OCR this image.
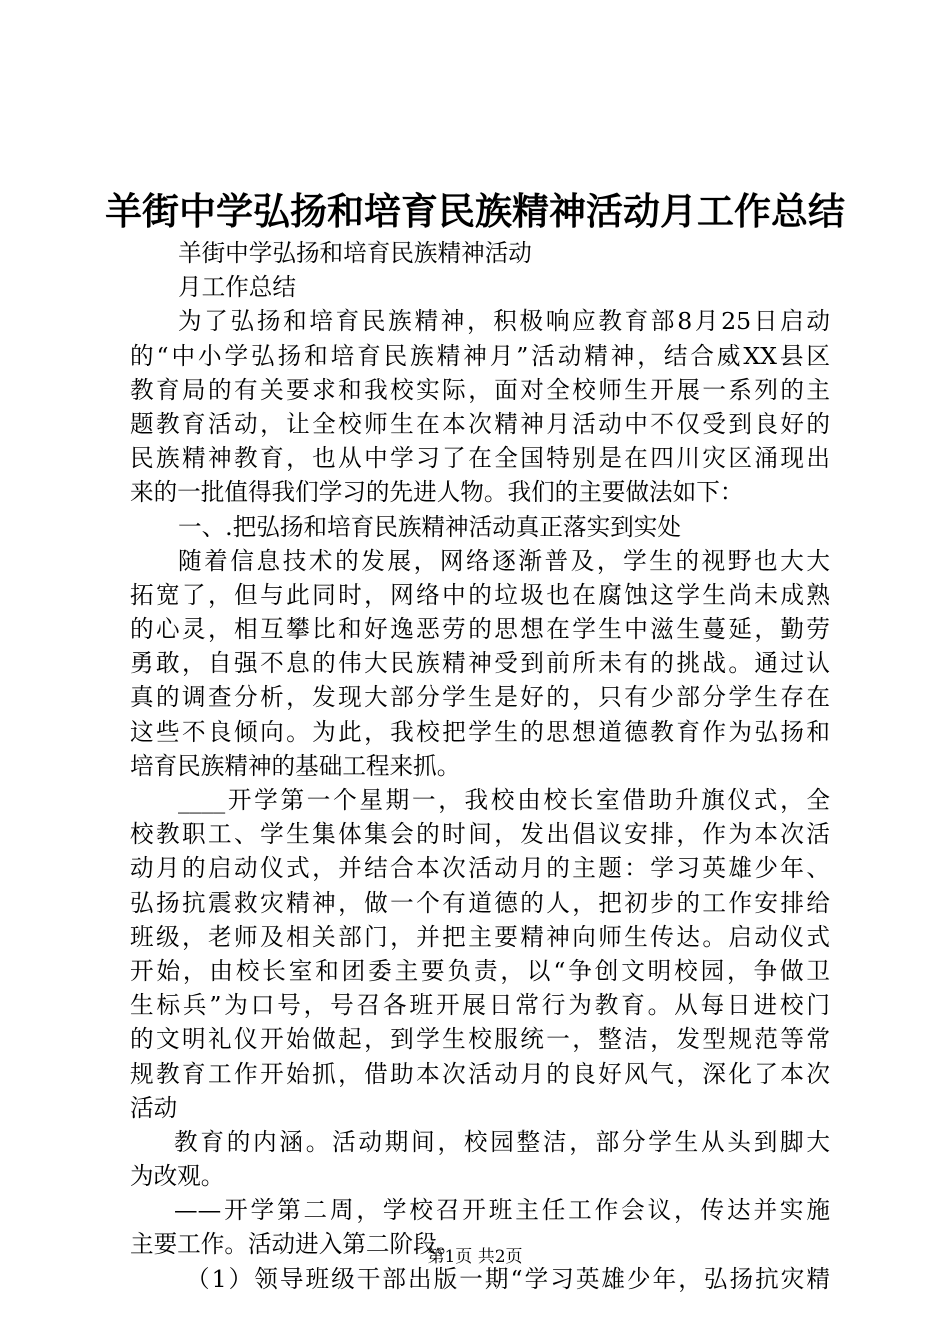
羊街中学弘扬和培育民族精神活动月工作总结
羊街中学弘扬和培育民族精神活动
月工作总结
为了弘扬和培育民族精神，积极响应教育部8月25日启动
的“中小学弘扬和培育民族精神月”活动精神，结合威XX县区
教育局的有关要求和我校实际，面对全校师生开展一系列的主
题教育活动，让全校师生在本次精神月活动中不仅受到良好的
民族精神教育，也从中学习了在全国特别是在四川灾区涌现出
来的一批值得我们学习的先进人物。我们的主要做法如下：
一、.把弘扬和培育民族精神活动真正落实到实处
随着信息技术的发展，网络逐渐普及，学生的视野也大大
拓宽了，但与此同时，网络中的垃圾也在腐蚀这学生尚未成熟
的心灵，相互攀比和好逸恶劳的思想在学生中滋生蔓延，勤劳
勇敢，自强不息的伟大民族精神受到前所未有的挑战。通过认
真的调查分析，发现大部分学生是好的，只有少部分学生存在
这些不良倾向。为此，我校把学生的思想道德教育作为弘扬和
培育民族精神的基础工程来抓。
____开学第一个星期一，我校由校长室借助升旗仪式，全
校教职工、学生集体集会的时间，发出倡议安排，作为本次活
动月的启动仪式，并结合本次活动月的主题：学习英雄少年、
弘扬抗震救灾精神，做一个有道德的人，把初步的工作安排给
班级，老师及相关部门，并把主要精神向师生传达。启动仪式
开始，由校长室和团委主要负责，以“争创文明校园，争做卫
生标兵”为口号，号召各班开展日常行为教育。从每日进校门
的文明礼仪开始做起，到学生校服统一，整洁，发型规范等常
规教育工作开始抓，借助本次活动月的良好风气，深化了本次
活动
教育的内涵。活动期间，校园整洁，部分学生从头到脚大
为改观。
——开学第二周，学校召开班主任工作会议，传达并实施
主要工作。活动进入第二阶段。
（1）领导班级干部出版一期“学习英雄少年，弘扬抗灾精
第1页 共2页
